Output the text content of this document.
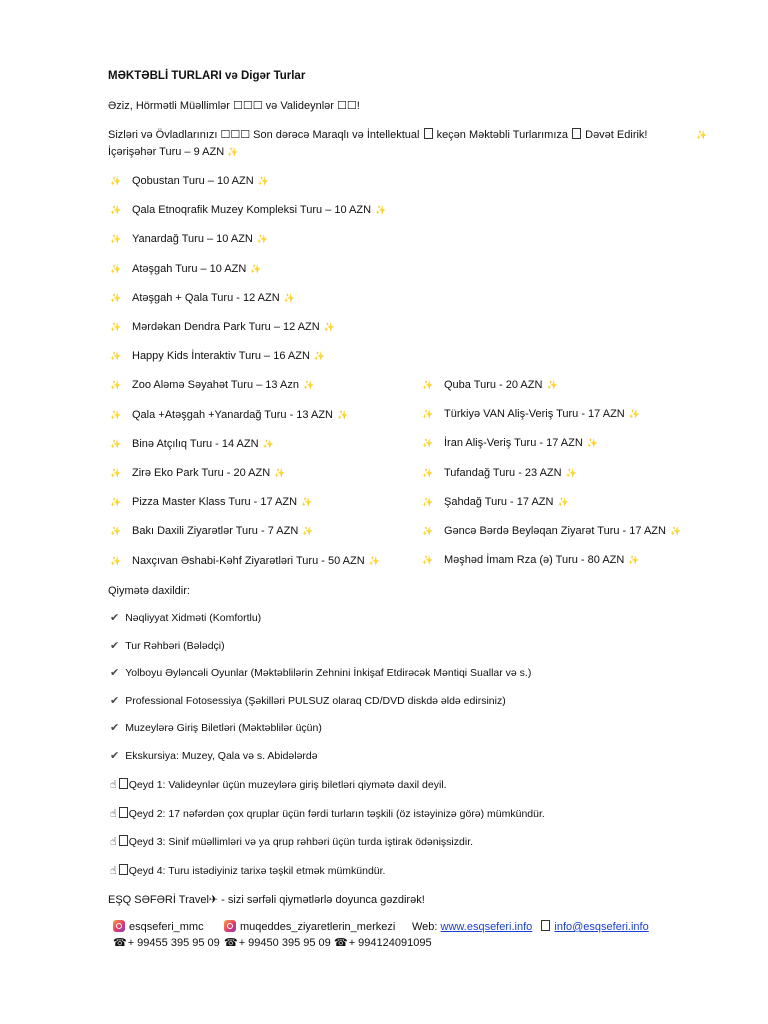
MƏKTƏBLİ TURLARI və Digər Turlar
Əziz, Hörmətli Müəllimlər ☐☐☐ və Valideynlər ☐☐!
Sizləri və Övladlarınızı ☐☐☐ Son dərəcə Maraqlı və İntellektual keçən Məktəbli Turlarımıza Dəvət Edirik!	✨
İçərişəhər Turu – 9 AZN ✨
✨ Qobustan Turu – 10 AZN ✨
✨ Qala Etnoqrafik Muzey Kompleksi Turu – 10 AZN ✨
✨ Yanardağ Turu – 10 AZN ✨
✨ Atəşgah Turu – 10 AZN ✨
✨ Atəşgah + Qala Turu - 12 AZN ✨
✨ Mərdəkan Dendra Park Turu – 12 AZN ✨
✨ Happy Kids İnteraktiv Turu – 16 AZN ✨
✨ Zoo Aləmə Səyahət Turu – 13 Azn ✨
✨ Qala +Atəşgah +Yanardağ Turu - 13 AZN ✨
✨ Binə Atçılıq Turu - 14 AZN ✨
✨ Zirə Eko Park Turu - 20 AZN ✨
✨ Pizza Master Klass Turu - 17 AZN ✨
✨ Bakı Daxili Ziyarətlər Turu - 7 AZN ✨
✨ Naxçıvan Əshabi-Kəhf Ziyarətləri Turu - 50 AZN ✨
✨ Quba Turu - 20 AZN ✨
✨ Türkiyə VAN Aliş-Veriş Turu - 17 AZN ✨
✨ İran Aliş-Veriş Turu - 17 AZN ✨
✨ Tufandağ Turu - 23 AZN ✨
✨ Şahdağ Turu - 17 AZN ✨
✨ Gəncə Bərdə Beyləqan Ziyarət Turu - 17 AZN ✨
✨ Məşhəd İmam Rza (ə) Turu - 80 AZN ✨
Qiymətə daxildir:
✔ Nəqliyyat Xidməti (Komfortlu)
✔ Tur Rəhbəri (Bələdçi)
✔ Yolboyu Əyləncəli Oyunlar (Məktəblilərin Zehnini İnkişaf Etdirəcək Məntiqi Suallar və s.)
✔ Professional Fotosessiya (Şəkilləri PULSUZ olaraq CD/DVD diskdə əldə edirsiniz)
✔ Muzeylərə Giriş Biletləri (Məktəblilər üçün)
✔ Ekskursiya: Muzey, Qala və s. Abidələrdə
☝ Qeyd 1: Valideynlər üçün muzeylərə giriş biletləri qiymətə daxil deyil.
☝ Qeyd 2: 17 nəfərdən çox qruplar üçün fərdi turların təşkili (öz istəyinizə görə) mümkündür.
☝ Qeyd 3: Sinif müəllimləri və ya qrup rəhbəri üçün turda iştirak ödənişsizdir.
☝ Qeyd 4: Turu istədiyiniz tarixə təşkil etmək mümkündür.
EŞQ SƏFƏRİ Travel✈ - sizi sərfəli qiymətlərlə doyunca gəzdirək!
esqseferi_mmc	muqeddes_ziyaretlerin_merkezi Web: www.esqseferi.info info@esqseferi.info
☎+ 99455 395 95 09 ☎+ 99450 395 95 09 ☎+ 994124091095
